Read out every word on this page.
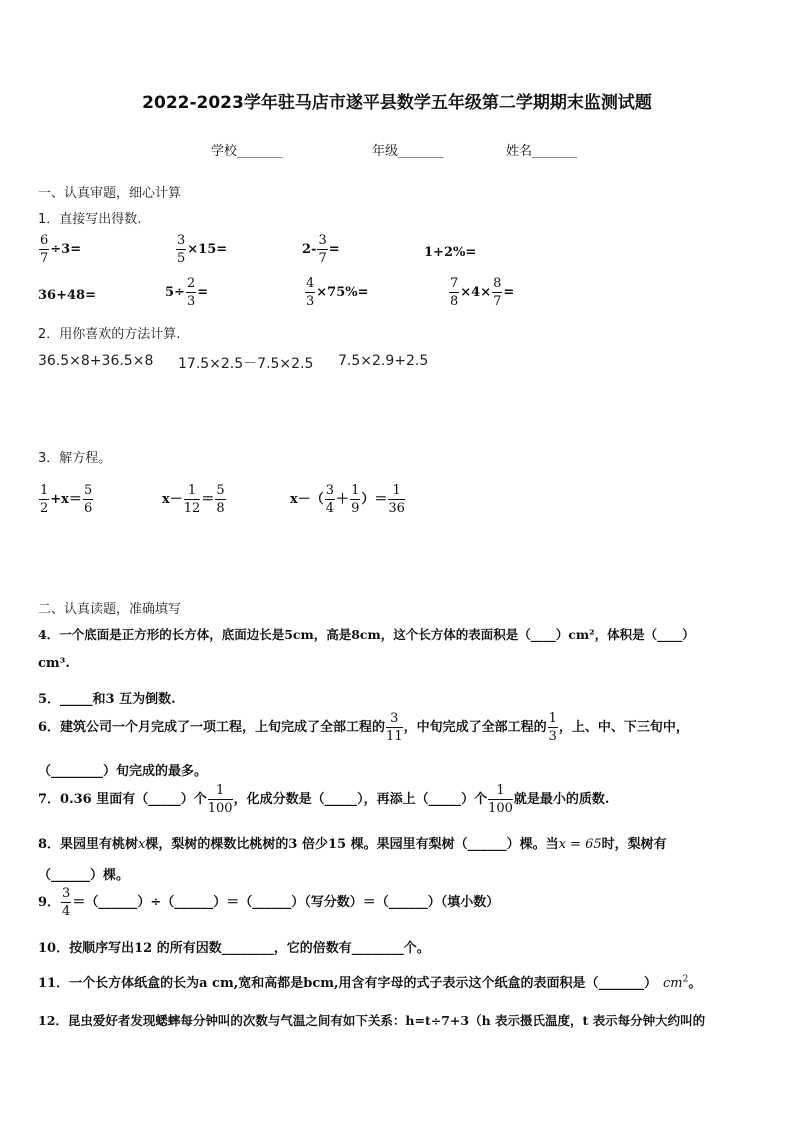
2022-2023学年驻马店市遂平县数学五年级第二学期期末监测试题
学校_______	年级_______	姓名_______
一、认真审题，细心计算
1．直接写出得数.
$\frac{6}{7} \div 3=$	$\frac{3}{5} \times 15=$	$2- \frac{3}{7}$ =	1+2%=
36+48=	$5\div \frac{2}{3}$ =	$\frac{4}{3} \times 75\%=$	$\frac{7}{8} \times 4\times \frac{8}{7}$ =
2．用你喜欢的方法计算.
36.5×8+36.5×8 17.5×2.5－7.5×2.5 7.5×2.9+2.5
3．解方程。
$\frac{1}{2} +x= \frac{5}{6}$	$x- \frac{1}{12} = \frac{5}{8}$	$x-( \frac{3}{4} + \frac{1}{9}$ ）＝ $\frac{1}{36}$
二、认真读题，准确填写
4．一个底面是正方形的长方体，底面边长是5cm，高是8cm，这个长方体的表面积是（____）cm²，体积是（____）
cm³.
5．_____和3 互为倒数.
6．建筑公司一个月完成了一项工程，上旬完成了全部工程的 $\frac{3}{11}$ ，中旬完成了全部工程的 $\frac{1}{3}$ ，上、中、下三旬中，
（________）旬完成的最多。
7．0.36 里面有（_____）个 $\frac{1}{100}$ ，化成分数是（_____），再添上（_____）个 $\frac{1}{100}$ 就是最小的质数.
8．果园里有桃树x棵，梨树的棵数比桃树的3 倍少15 棵。果园里有梨树（______）棵。当x = 65时，梨树有
（______）棵。
9． $\frac{3}{4}$ ＝（______）÷（______）＝（______）（写分数）＝（______）（填小数）
10．按顺序写出12 的所有因数________，它的倍数有________个。
11．一个长方体纸盒的长为a cm,宽和高都是bcm,用含有字母的式子表示这个纸盒的表面积是（_______） $cm^2$。
12．昆虫爱好者发现蟋蟀每分钟叫的次数与气温之间有如下关系：h=t÷7+3（h 表示摄氏温度，t 表示每分钟大约叫的
